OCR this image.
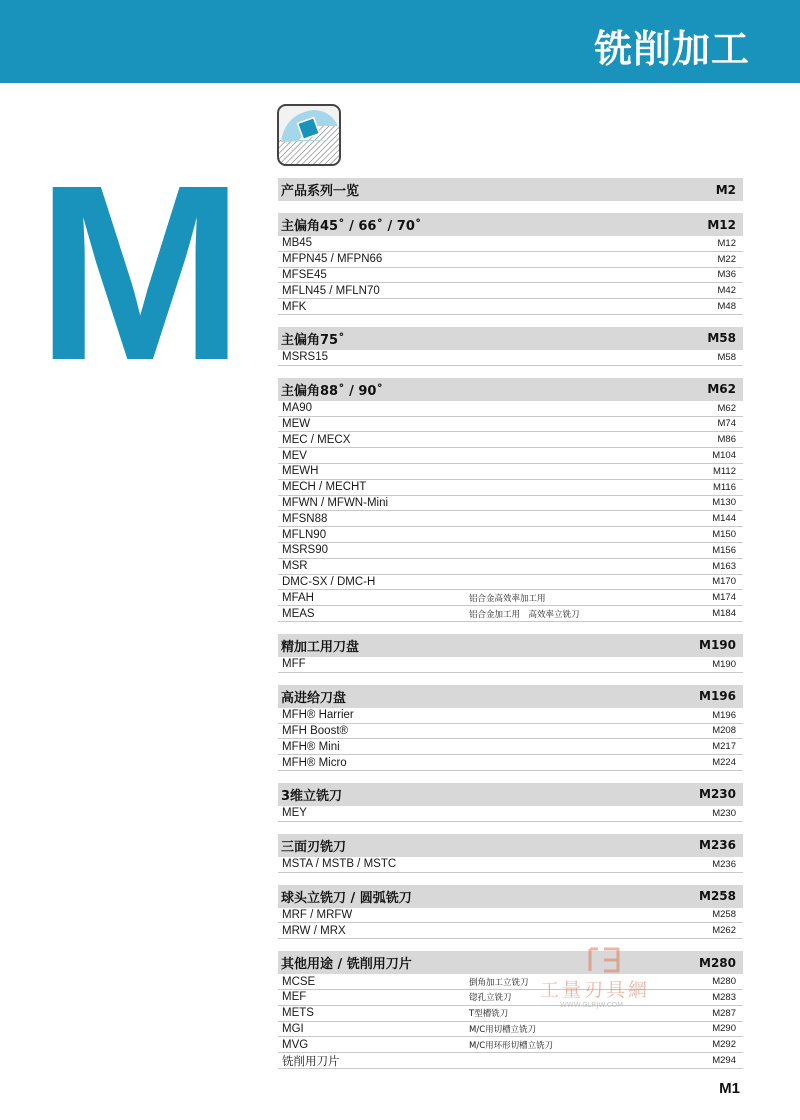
铣削加工
M	产品系列一览	M2
主偏角45˚ / 66˚ / 70˚	M12
MB45	M12
MFPN45 / MFPN66	M22
MFSE45	M36
MFLN45 / MFLN70	M42
MFK	M48
主偏角75˚	M58
MSRS15	M58
主偏角88˚ / 90˚	M62
MA90	M62
MEW	M74
MEC / MECX	M86
MEV	M104
MEWH	M112
MECH / MECHT	M116
MFWN / MFWN-Mini	M130
MFSN88	M144
MFLN90	M150
MSRS90	M156
MSR	M163
DMC-SX / DMC-H	M170
MFAH	铝合金高效率加工用	M174
MEAS	铝合金加工用　高效率立铣刀	M184
精加工用刀盘	M190
MFF	M190
高进给刀盘	M196
MFH® Harrier	M196
MFH Boost®	M208
MFH® Mini	M217
MFH® Micro	M224
3维立铣刀	M230
MEY	M230
三面刃铣刀	M236
MSTA / MSTB / MSTC	M236
球头立铣刀 / 圆弧铣刀	M258
MRF / MRFW	M258
MRW / MRX	M262
其他用途 / 铣削用刀片	M280
MCSE	倒角加工立铣刀	M280
MEF	锪孔立铣刀	M283
METS	T型槽铣刀	M287
MGI	M/C用切槽立铣刀	M290
MVG	M/C用环形切槽立铣刀	M292
铣削用刀片	M294
工量刃具網
WWW.GLRJW.COM
M1
